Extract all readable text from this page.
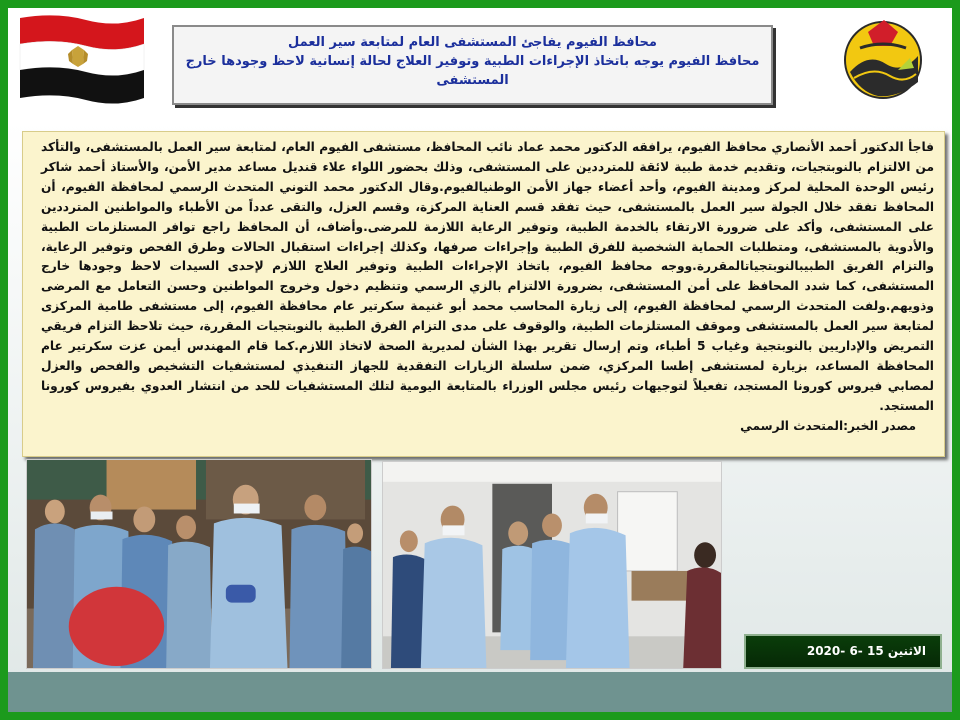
محافظ الفيوم يفاجئ المستشفى العام لمتابعة سير العمل
محافظ الفيوم يوجه باتخاذ الإجراءات الطبية وتوفير العلاج لحالة إنسانية لاحظ وجودها خارج المستشفى

فاجأ الدكتور أحمد الأنصاري محافظ الفيوم، يرافقه الدكتور محمد عماد نائب المحافظ، مستشفى الفيوم العام، لمتابعة سير العمل بالمستشفى، والتأكد من الالتزام بالنوبتجيات، وتقديم خدمة طبية لائقة للمترددين على المستشفى، وذلك بحضور اللواء علاء قنديل مساعد مدير الأمن، والأستاذ أحمد شاكر رئيس الوحدة المحلية لمركز ومدينة الفيوم، وأحد أعضاء جهاز الأمن الوطنيالفيوم.وقال الدكتور محمد التوني المتحدث الرسمي لمحافظة الفيوم، أن المحافظ تفقد خلال الجولة سير العمل بالمستشفى، حيث تفقد قسم العناية المركزة، وقسم العزل، والتقى عدداً من الأطباء والمواطنين المترددين على المستشفى، وأكد على ضرورة الارتقاء بالخدمة الطبية، وتوفير الرعاية اللازمة للمرضى.وأضاف، أن المحافظ راجع توافر المستلزمات الطبية والأدوية بالمستشفى، ومتطلبات الحماية الشخصية للفرق الطبية وإجراءات صرفها، وكذلك إجراءات استقبال الحالات وطرق الفحص وتوفير الرعاية، والتزام الفريق الطبيبالنوبتجياتالمقررة.ووجه محافظ الفيوم، باتخاذ الإجراءات الطبية وتوفير العلاج اللازم لإحدى السيدات لاحظ وجودها خارج المستشفى، كما شدد المحافظ على أمن المستشفى، بضرورة الالتزام بالزي الرسمي وتنظيم دخول وخروج المواطنين وحسن التعامل مع المرضى وذويهم.ولفت المتحدث الرسمي لمحافظة الفيوم، إلى زيارة المحاسب محمد أبو غنيمة سكرتير عام محافظة الفيوم، إلى مستشفى طامية المركزى لمتابعة سير العمل بالمستشفى وموقف المستلزمات الطبية، والوقوف على مدى التزام الفرق الطبية بالنوبتجيات المقررة، حيث تلاحظ التزام فريقي التمريض والإداريين بالنوبتجية وغياب 5 أطباء، وتم إرسال تقرير بهذا الشأن لمديرية الصحة لاتخاذ اللازم.كما قام المهندس أيمن عزت سكرتير عام المحافظة المساعد، بزيارة لمستشفى إطسا المركزي، ضمن سلسلة الزيارات التفقدية للجهاز التنفيذي لمستشفيات التشخيص والفحص والعزل لمصابي فيروس كورونا المستجد، تفعيلاً لتوجيهات رئيس مجلس الوزراء بالمتابعة اليومية لتلك المستشفيات للحد من انتشار العدوي بفيروس كورونا المستجد.

مصدر الخبر:المتحدث الرسمي

الاثنين 15 -6 -2020
